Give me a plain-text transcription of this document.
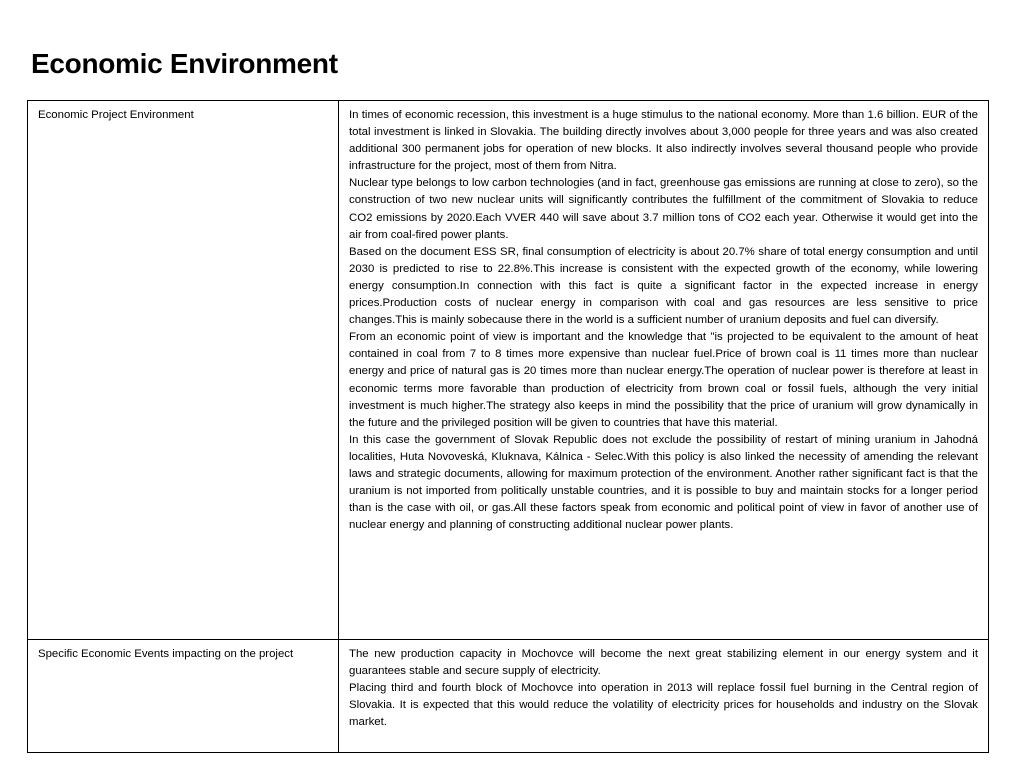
Economic Environment
Economic Project Environment	In times of economic recession, this investment is a huge stimulus to the national economy. More than 1.6 billion. EUR of the total investment is linked in Slovakia. The building directly involves about 3,000 people for three years and was also created additional 300 permanent jobs for operation of new blocks. It also indirectly involves several thousand people who provide infrastructure for the project, most of them from Nitra.

Nuclear type belongs to low carbon technologies (and in fact, greenhouse gas emissions are running at close to zero), so the construction of two new nuclear units will significantly contributes the fulfillment of the commitment of Slovakia to reduce CO2 emissions by 2020.Each VVER 440 will save about 3.7 million tons of CO2 each year. Otherwise it would get into the air from coal-fired power plants.

Based on the document ESS SR, final consumption of electricity is about 20.7% share of total energy consumption and until 2030 is predicted to rise to 22.8%.This increase is consistent with the expected growth of the economy, while lowering energy consumption.In connection with this fact is quite a significant factor in the expected increase in energy prices.Production costs of nuclear energy in comparison with coal and gas resources are less sensitive to price changes.This is mainly sobecause there in the world is a sufficient number of uranium deposits and fuel can diversify.

From an economic point of view is important and the knowledge that "is projected to be equivalent to the amount of heat contained in coal from 7 to 8 times more expensive than nuclear fuel.Price of brown coal is 11 times more than nuclear energy and price of natural gas is 20 times more than nuclear energy.The operation of nuclear power is therefore at least in economic terms more favorable than production of electricity from brown coal or fossil fuels, although the very initial investment is much higher.The strategy also keeps in mind the possibility that the price of uranium will grow dynamically in the future and the privileged position will be given to countries that have this material.

In this case the government of Slovak Republic does not exclude the possibility of restart of mining uranium in Jahodná localities, Huta Novoveská, Kluknava, Kálnica - Selec.With this policy is also linked the necessity of amending the relevant laws and strategic documents, allowing for maximum protection of the environment. Another rather significant fact is that the uranium is not imported from politically unstable countries, and it is possible to buy and maintain stocks for a longer period than is the case with oil, or gas.All these factors speak from economic and political point of view in favor of another use of nuclear energy and planning of constructing additional nuclear power plants.

Specific Economic Events impacting on the project	The new production capacity in Mochovce will become the next great stabilizing element in our energy system and it guarantees stable and secure supply of electricity.

Placing third and fourth block of Mochovce into operation in 2013 will replace fossil fuel burning in the Central region of Slovakia. It is expected that this would reduce the volatility of electricity prices for households and industry on the Slovak market.
